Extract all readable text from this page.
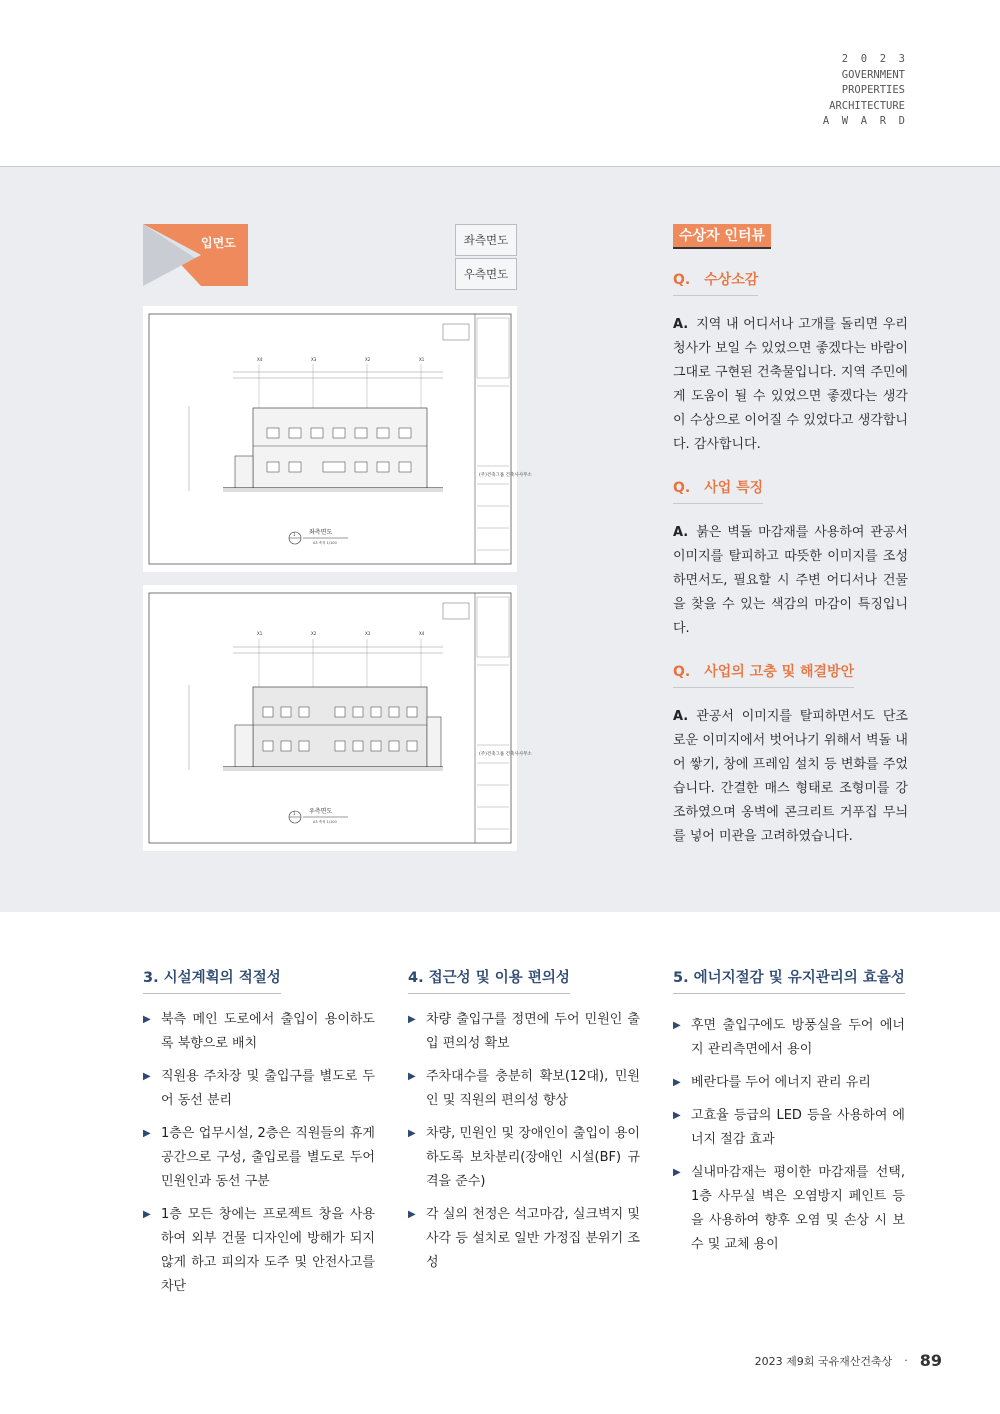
2  0  2  3
GOVERNMENT
PROPERTIES
ARCHITECTURE
A  W  A  R  D
입면도	좌측면도
우측면도
(주)건축그룹 건축사사무소
X4	X3	X2	X1
1 좌측면도
A3 축척 1/100
(주)건축그룹 건축사사무소
X1	X2	X3	X4
1 우측면도
A3 축척 1/100
수상자 인터뷰
Q. 수상소감

A. 지역 내 어디서나 고개를 돌리면 우리 청사가 보일 수 있었으면 좋겠다는 바람이 그대로 구현된 건축물입니다. 지역 주민에게 도움이 될 수 있었으면 좋겠다는 생각이 수상으로 이어질 수 있었다고 생각합니다. 감사합니다.

Q. 사업 특징

A. 붉은 벽돌 마감재를 사용하여 관공서 이미지를 탈피하고 따뜻한 이미지를 조성하면서도, 필요할 시 주변 어디서나 건물을 찾을 수 있는 색감의 마감이 특징입니다.

Q. 사업의 고충 및 해결방안

A. 관공서 이미지를 탈피하면서도 단조로운 이미지에서 벗어나기 위해서 벽돌 내어 쌓기, 창에 프레임 설치 등 변화를 주었습니다. 간결한 매스 형태로 조형미를 강조하였으며 옹벽에 콘크리트 거푸집 무늬를 넣어 미관을 고려하였습니다.

3. 시설계획의 적절성
▶ 북측 메인 도로에서 출입이 용이하도록 북향으로 배치
▶ 직원용 주차장 및 출입구를 별도로 두어 동선 분리
▶ 1층은 업무시설, 2층은 직원들의 휴게공간으로 구성, 출입로를 별도로 두어 민원인과 동선 구분
▶ 1층 모든 창에는 프로젝트 창을 사용하여 외부 건물 디자인에 방해가 되지 않게 하고 피의자 도주 및 안전사고를 차단
4. 접근성 및 이용 편의성
▶ 차량 출입구를 정면에 두어 민원인 출입 편의성 확보
▶ 주차대수를 충분히 확보(12대), 민원인 및 직원의 편의성 향상
▶ 차량, 민원인 및 장애인이 출입이 용이하도록 보차분리(장애인 시설(BF) 규격을 준수)
▶ 각 실의 천정은 석고마감, 실크벽지 및 사각 등 설치로 일반 가정집 분위기 조성
5. 에너지절감 및 유지관리의 효율성
▶ 후면 출입구에도 방풍실을 두어 에너지 관리측면에서 용이
▶ 베란다를 두어 에너지 관리 유리
▶ 고효율 등급의 LED 등을 사용하여 에너지 절감 효과
▶ 실내마감재는 평이한 마감재를 선택, 1층 사무실 벽은 오염방지 페인트 등을 사용하여 향후 오염 및 손상 시 보수 및 교체 용이
2023 제9회 국유재산건축상 · 89
